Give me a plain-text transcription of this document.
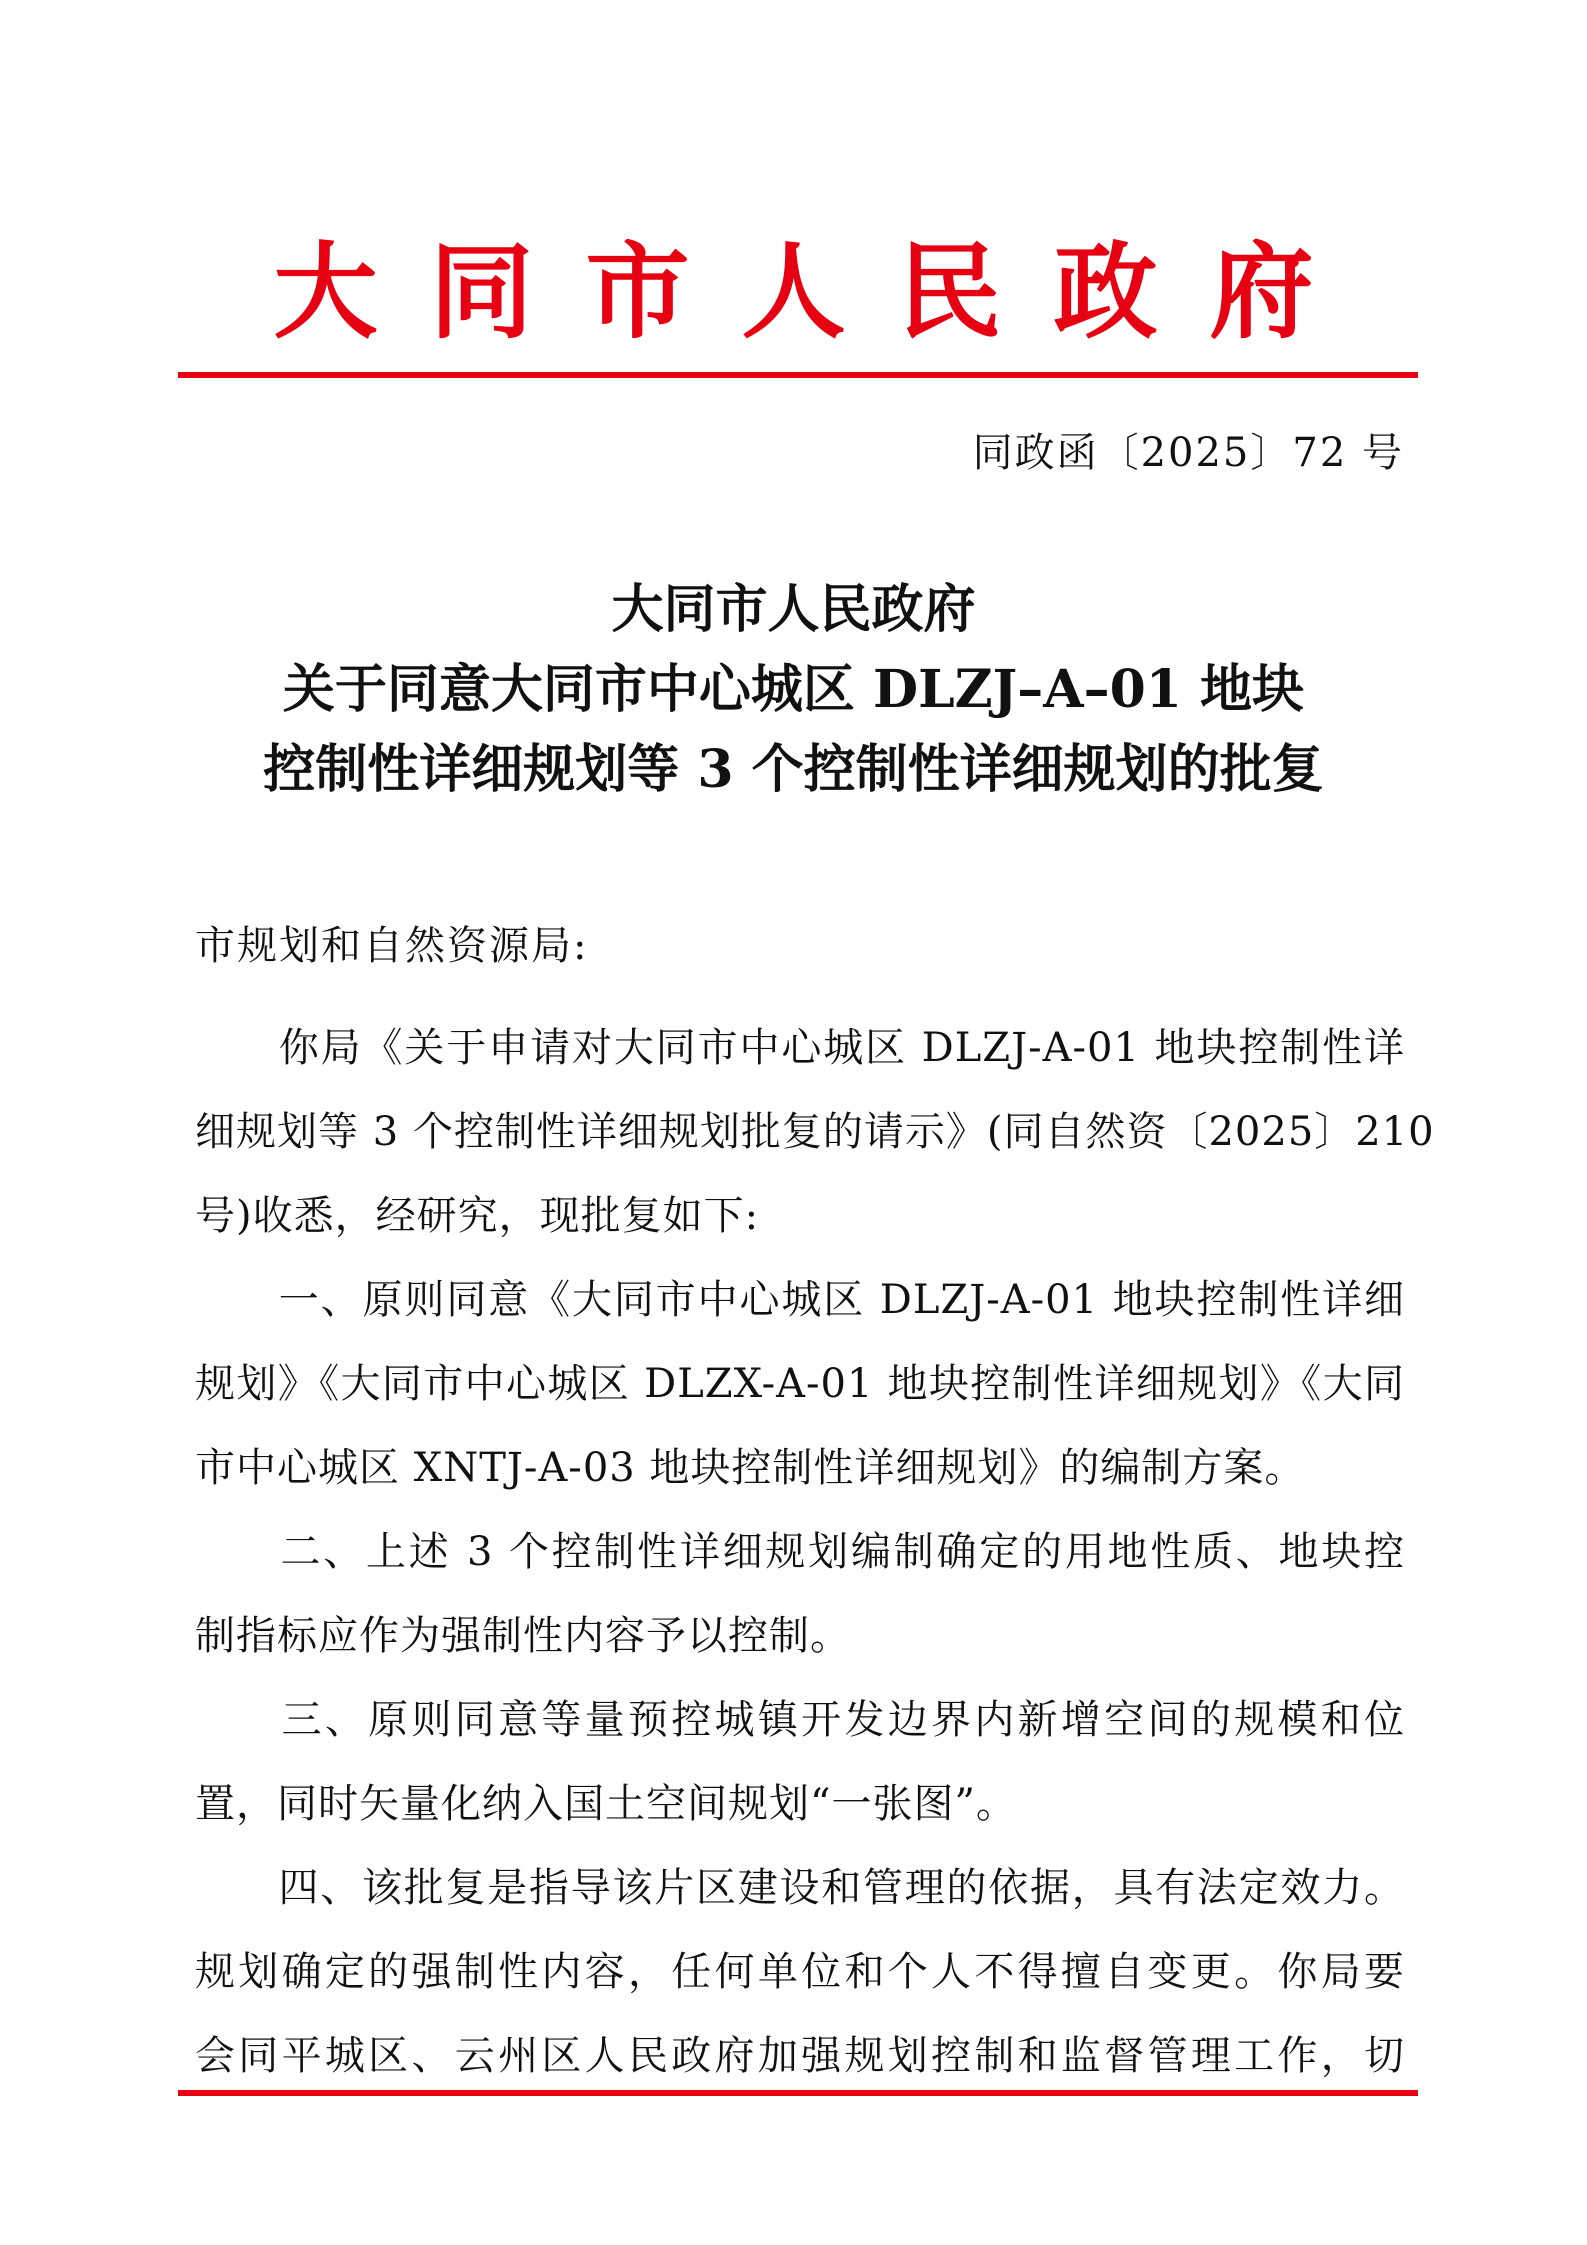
大同市人民政府
同政函〔2025〕72 号
大同市人民政府
关于同意大同市中心城区 DLZJ–A–01 地块
控制性详细规划等 3 个控制性详细规划的批复
市规划和自然资源局:
　　你局《关于申请对大同市中心城区 DLZJ-A-01 地块控制性详
细规划等 3 个控制性详细规划批复的请示》(同自然资〔2025〕210
号)收悉，经研究，现批复如下:
　　一、原则同意《大同市中心城区 DLZJ-A-01 地块控制性详细
规划》《大同市中心城区 DLZX-A-01 地块控制性详细规划》《大同
市中心城区 XNTJ-A-03 地块控制性详细规划》的编制方案。
　　二、上述 3 个控制性详细规划编制确定的用地性质、地块控
制指标应作为强制性内容予以控制。
　　三、原则同意等量预控城镇开发边界内新增空间的规模和位
置，同时矢量化纳入国土空间规划“一张图”。
　　四、该批复是指导该片区建设和管理的依据，具有法定效力。
规划确定的强制性内容，任何单位和个人不得擅自变更。你局要
会同平城区、云州区人民政府加强规划控制和监督管理工作，切
